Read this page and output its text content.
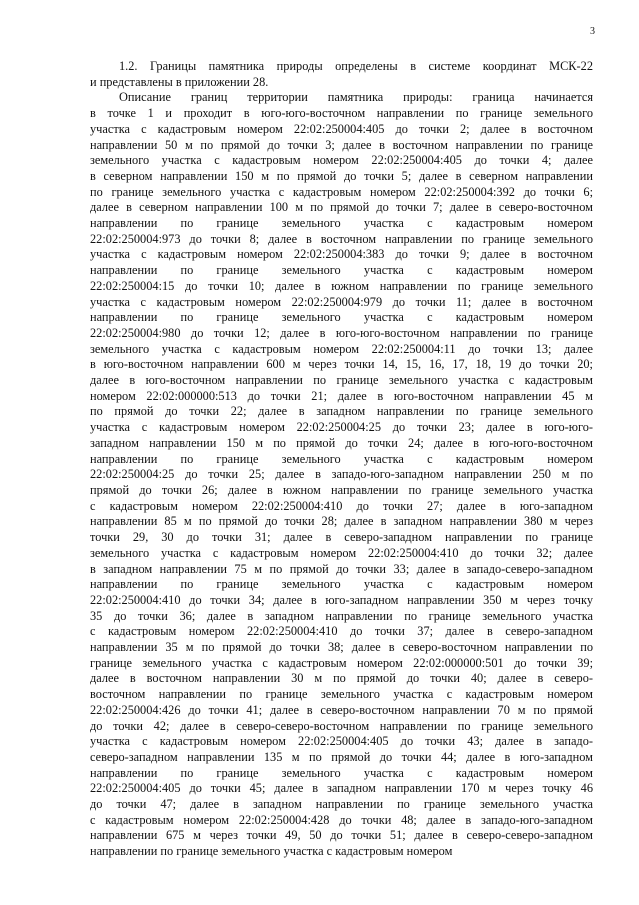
3
1.2. Границы памятника природы определены в системе координат МСК-22
и представлены в приложении 28.
Описание границ территории памятника природы: граница начинается
в точке 1 и проходит в юго-юго-восточном направлении по границе земельного
участка с кадастровым номером 22:02:250004:405 до точки 2; далее в восточном
направлении 50 м по прямой до точки 3; далее в восточном направлении по границе
земельного участка с кадастровым номером 22:02:250004:405 до точки 4; далее
в северном направлении 150 м по прямой до точки 5; далее в северном направлении
по границе земельного участка с кадастровым номером 22:02:250004:392 до точки 6;
далее в северном направлении 100 м по прямой до точки 7; далее в северо-восточном
направлении по границе земельного участка с кадастровым номером
22:02:250004:973 до точки 8; далее в восточном направлении по границе земельного
участка с кадастровым номером 22:02:250004:383 до точки 9; далее в восточном
направлении по границе земельного участка с кадастровым номером
22:02:250004:15 до точки 10; далее в южном направлении по границе земельного
участка с кадастровым номером 22:02:250004:979 до точки 11; далее в восточном
направлении по границе земельного участка с кадастровым номером
22:02:250004:980 до точки 12; далее в юго-юго-восточном направлении по границе
земельного участка с кадастровым номером 22:02:250004:11 до точки 13; далее
в юго-восточном направлении 600 м через точки 14, 15, 16, 17, 18, 19 до точки 20;
далее в юго-восточном направлении по границе земельного участка с кадастровым
номером 22:02:000000:513 до точки 21; далее в юго-восточном направлении 45 м
по прямой до точки 22; далее в западном направлении по границе земельного
участка с кадастровым номером 22:02:250004:25 до точки 23; далее в юго-юго-
западном направлении 150 м по прямой до точки 24; далее в юго-юго-восточном
направлении по границе земельного участка с кадастровым номером
22:02:250004:25 до точки 25; далее в западо-юго-западном направлении 250 м по
прямой до точки 26; далее в южном направлении по границе земельного участка
с кадастровым номером 22:02:250004:410 до точки 27; далее в юго-западном
направлении 85 м по прямой до точки 28; далее в западном направлении 380 м через
точки 29, 30 до точки 31; далее в северо-западном направлении по границе
земельного участка с кадастровым номером 22:02:250004:410 до точки 32; далее
в западном направлении 75 м по прямой до точки 33; далее в западо-северо-западном
направлении по границе земельного участка с кадастровым номером
22:02:250004:410 до точки 34; далее в юго-западном направлении 350 м через точку
35 до точки 36; далее в западном направлении по границе земельного участка
с кадастровым номером 22:02:250004:410 до точки 37; далее в северо-западном
направлении 35 м по прямой до точки 38; далее в северо-восточном направлении по
границе земельного участка с кадастровым номером 22:02:000000:501 до точки 39;
далее в восточном направлении 30 м по прямой до точки 40; далее в северо-
восточном направлении по границе земельного участка с кадастровым номером
22:02:250004:426 до точки 41; далее в северо-восточном направлении 70 м по прямой
до точки 42; далее в северо-северо-восточном направлении по границе земельного
участка с кадастровым номером 22:02:250004:405 до точки 43; далее в западо-
северо-западном направлении 135 м по прямой до точки 44; далее в юго-западном
направлении по границе земельного участка с кадастровым номером
22:02:250004:405 до точки 45; далее в западном направлении 170 м через точку 46
до точки 47; далее в западном направлении по границе земельного участка
с кадастровым номером 22:02:250004:428 до точки 48; далее в западо-юго-западном
направлении 675 м через точки 49, 50 до точки 51; далее в северо-северо-западном
направлении по границе земельного участка с кадастровым номером
